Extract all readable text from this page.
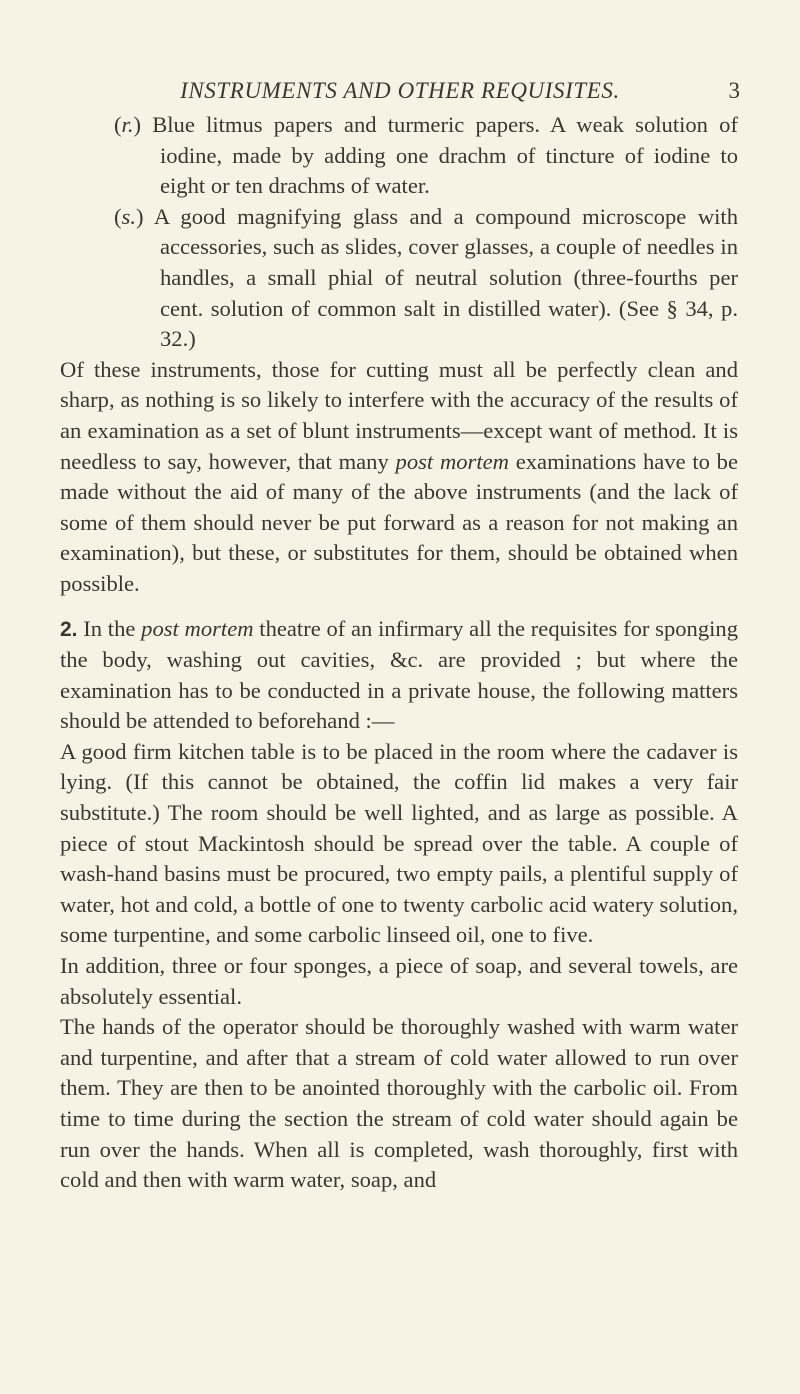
INSTRUMENTS AND OTHER REQUISITES.	3

(r.) Blue litmus papers and turmeric papers. A weak solution of iodine, made by adding one drachm of tincture of iodine to eight or ten drachms of water.

(s.) A good magnifying glass and a compound microscope with accessories, such as slides, cover glasses, a couple of needles in handles, a small phial of neutral solution (three-fourths per cent. solution of common salt in distilled water). (See § 34, p. 32.)

Of these instruments, those for cutting must all be perfectly clean and sharp, as nothing is so likely to interfere with the accuracy of the results of an examination as a set of blunt instruments—except want of method. It is needless to say, however, that many post mortem examinations have to be made without the aid of many of the above instruments (and the lack of some of them should never be put forward as a reason for not making an examination), but these, or substitutes for them, should be obtained when possible.

2. In the post mortem theatre of an infirmary all the requisites for sponging the body, washing out cavities, &c. are provided ; but where the examination has to be conducted in a private house, the following matters should be attended to beforehand :—

A good firm kitchen table is to be placed in the room where the cadaver is lying. (If this cannot be obtained, the coffin lid makes a very fair substitute.) The room should be well lighted, and as large as possible. A piece of stout Mackintosh should be spread over the table. A couple of wash-hand basins must be procured, two empty pails, a plentiful supply of water, hot and cold, a bottle of one to twenty carbolic acid watery solution, some turpentine, and some carbolic linseed oil, one to five.

In addition, three or four sponges, a piece of soap, and several towels, are absolutely essential.

The hands of the operator should be thoroughly washed with warm water and turpentine, and after that a stream of cold water allowed to run over them. They are then to be anointed thoroughly with the carbolic oil. From time to time during the section the stream of cold water should again be run over the hands. When all is completed, wash thoroughly, first with cold and then with warm water, soap, and
